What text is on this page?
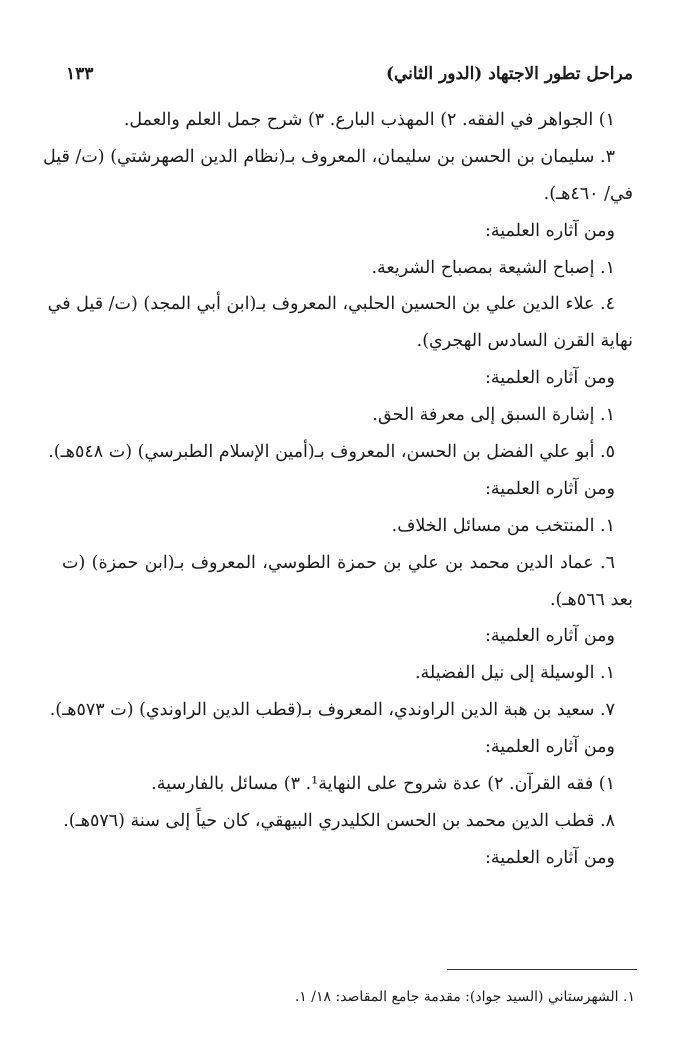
مراحل تطور الاجتهاد (الدور الثاني)
١٣٣
١) الجواهر في الفقه. ٢) المهذب البارع. ٣) شرح جمل العلم والعمل.
٣. سليمان بن الحسن بن سليمان، المعروف بـ(نظام الدين الصهرشتي) (ت/ قيل
في/ ٤٦٠هـ).
ومن آثاره العلمية:
١. إصباح الشيعة بمصباح الشريعة.
٤. علاء الدين علي بن الحسين الحلبي، المعروف بـ(ابن أبي المجد) (ت/ قيل في
نهاية القرن السادس الهجري).
ومن آثاره العلمية:
١. إشارة السبق إلى معرفة الحق.
٥. أبو علي الفضل بن الحسن، المعروف بـ(أمين الإسلام الطبرسي) (ت ٥٤٨هـ).
ومن آثاره العلمية:
١. المنتخب من مسائل الخلاف.
٦. عماد الدين محمد بن علي بن حمزة الطوسي، المعروف بـ(ابن حمزة) (ت
بعد ٥٦٦هـ).
ومن آثاره العلمية:
١. الوسيلة إلى نيل الفضيلة.
٧. سعيد بن هبة الدين الراوندي، المعروف بـ(قطب الدين الراوندي) (ت ٥٧٣هـ).
ومن آثاره العلمية:
١) فقه القرآن. ٢) عدة شروح على النهاية¹. ٣) مسائل بالفارسية.
٨. قطب الدين محمد بن الحسن الكليدري البيهقي، كان حياً إلى سنة (٥٧٦هـ).
ومن آثاره العلمية:
١. الشهرستاني (السيد جواد): مقدمة جامع المقاصد: ١٨/ ١.
